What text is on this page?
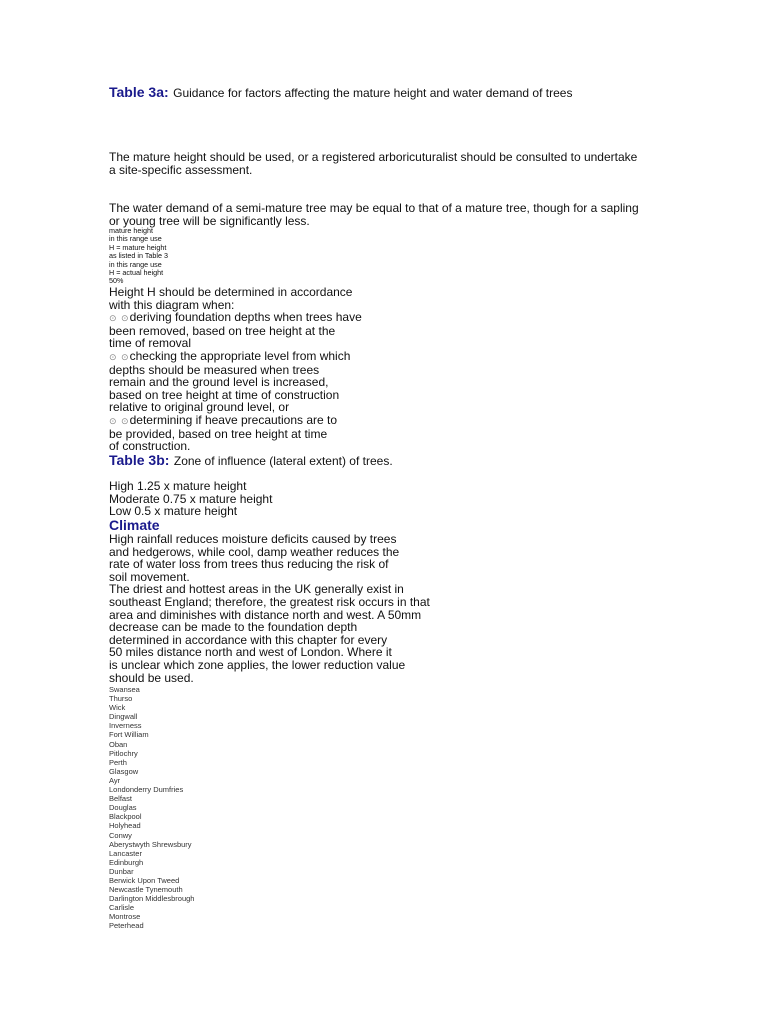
Table 3a: Guidance for factors affecting the mature height and water demand of trees
The mature height should be used, or a registered arboricuturalist should be consulted to undertake
a site-specific assessment.
The water demand of a semi-mature tree may be equal to that of a mature tree, though for a sapling
or young tree will be significantly less.
mature height
in this range use
H = mature height
as listed in Table 3
in this range use
H = actual height
50%
Height H should be determined in accordance
with this diagram when:
⊙ ⊙deriving foundation depths when trees have
been removed, based on tree height at the
time of removal
⊙ ⊙checking the appropriate level from which
depths should be measured when trees
remain and the ground level is increased,
based on tree height at time of construction
relative to original ground level, or
⊙ ⊙determining if heave precautions are to
be provided, based on tree height at time
of construction.
Table 3b: Zone of influence (lateral extent) of trees.
High 1.25 x mature height
Moderate 0.75 x mature height
Low 0.5 x mature height
Climate
High rainfall reduces moisture deficits caused by trees
and hedgerows, while cool, damp weather reduces the
rate of water loss from trees thus reducing the risk of
soil movement.
The driest and hottest areas in the UK generally exist in
southeast England; therefore, the greatest risk occurs in that
area and diminishes with distance north and west. A 50mm
decrease can be made to the foundation depth
determined in accordance with this chapter for every
50 miles distance north and west of London. Where it
is unclear which zone applies, the lower reduction value
should be used.
Swansea
Thurso
Wick
Dingwall
Inverness
Fort William
Oban
Pitlochry
Perth
Glasgow
Ayr
Londonderry Dumfries
Belfast
Douglas
Blackpool
Holyhead
Conwy
Aberystwyth Shrewsbury
Lancaster
Edinburgh
Dunbar
Berwick Upon Tweed
Newcastle Tynemouth
Darlington Middlesbrough
Carlisle
Montrose
Peterhead
